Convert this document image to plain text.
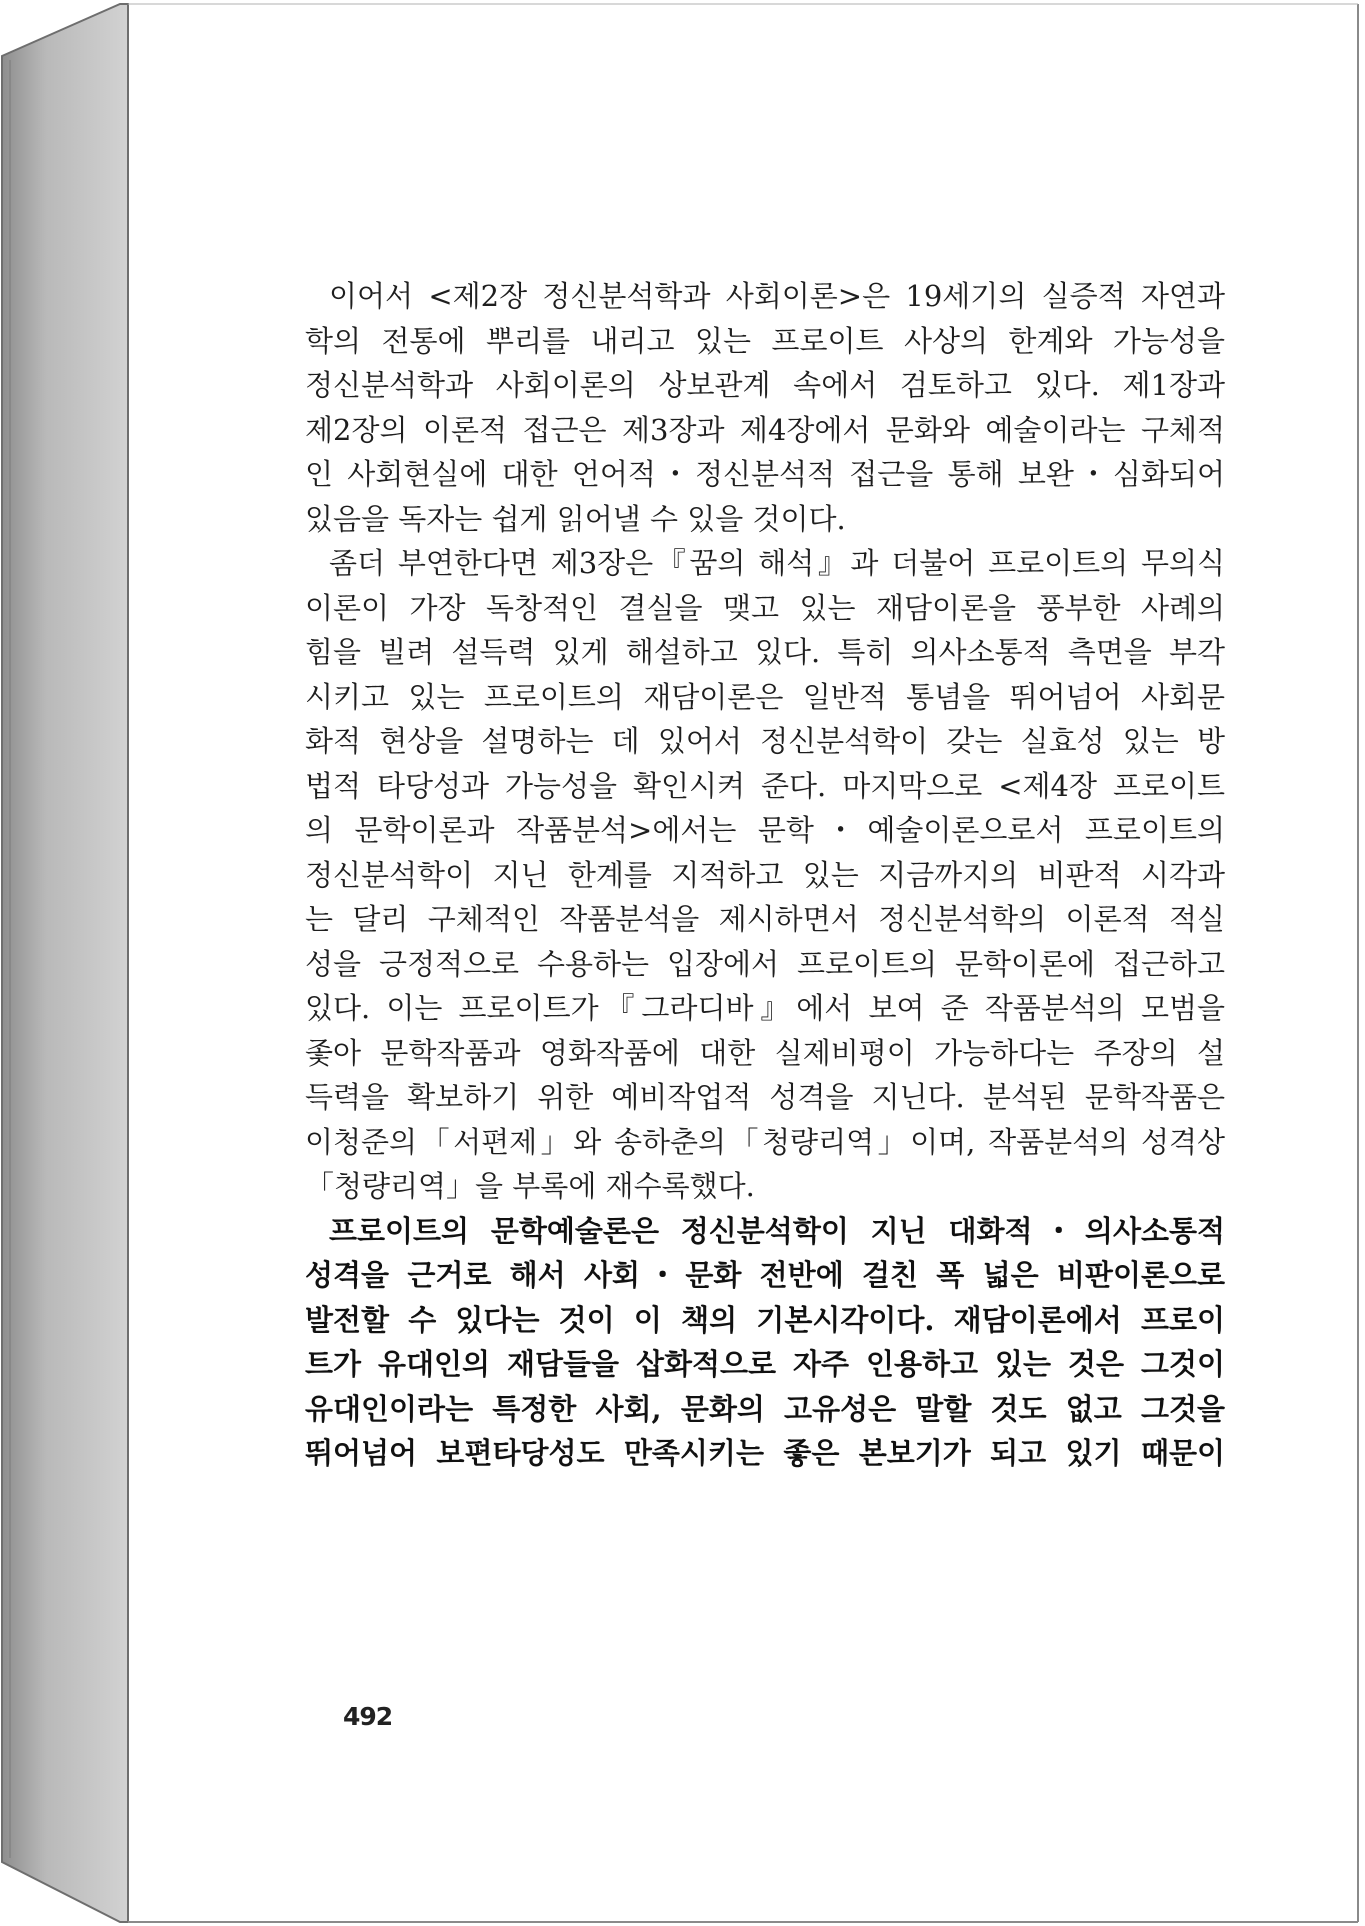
이어서 <제2장 정신분석학과 사회이론>은 19세기의 실증적 자연과
학의 전통에 뿌리를 내리고 있는 프로이트 사상의 한계와 가능성을
정신분석학과 사회이론의 상보관계 속에서 검토하고 있다. 제1장과
제2장의 이론적 접근은 제3장과 제4장에서 문화와 예술이라는 구체적
인 사회현실에 대한 언어적・정신분석적 접근을 통해 보완・심화되어
있음을 독자는 쉽게 읽어낼 수 있을 것이다.
좀더 부연한다면 제3장은『꿈의 해석』과 더불어 프로이트의 무의식
이론이 가장 독창적인 결실을 맺고 있는 재담이론을 풍부한 사례의
힘을 빌려 설득력 있게 해설하고 있다. 특히 의사소통적 측면을 부각
시키고 있는 프로이트의 재담이론은 일반적 통념을 뛰어넘어 사회문
화적 현상을 설명하는 데 있어서 정신분석학이 갖는 실효성 있는 방
법적 타당성과 가능성을 확인시켜 준다. 마지막으로 <제4장 프로이트
의 문학이론과 작품분석>에서는 문학・예술이론으로서 프로이트의
정신분석학이 지닌 한계를 지적하고 있는 지금까지의 비판적 시각과
는 달리 구체적인 작품분석을 제시하면서 정신분석학의 이론적 적실
성을 긍정적으로 수용하는 입장에서 프로이트의 문학이론에 접근하고
있다. 이는 프로이트가『그라디바』에서 보여 준 작품분석의 모범을
좇아 문학작품과 영화작품에 대한 실제비평이 가능하다는 주장의 설
득력을 확보하기 위한 예비작업적 성격을 지닌다. 분석된 문학작품은
이청준의「서편제」와 송하춘의「청량리역」이며, 작품분석의 성격상
「청량리역」을 부록에 재수록했다.
프로이트의 문학예술론은 정신분석학이 지닌 대화적・의사소통적
성격을 근거로 해서 사회・문화 전반에 걸친 폭 넓은 비판이론으로
발전할 수 있다는 것이 이 책의 기본시각이다. 재담이론에서 프로이
트가 유대인의 재담들을 삽화적으로 자주 인용하고 있는 것은 그것이
유대인이라는 특정한 사회, 문화의 고유성은 말할 것도 없고 그것을
뛰어넘어 보편타당성도 만족시키는 좋은 본보기가 되고 있기 때문이
492
